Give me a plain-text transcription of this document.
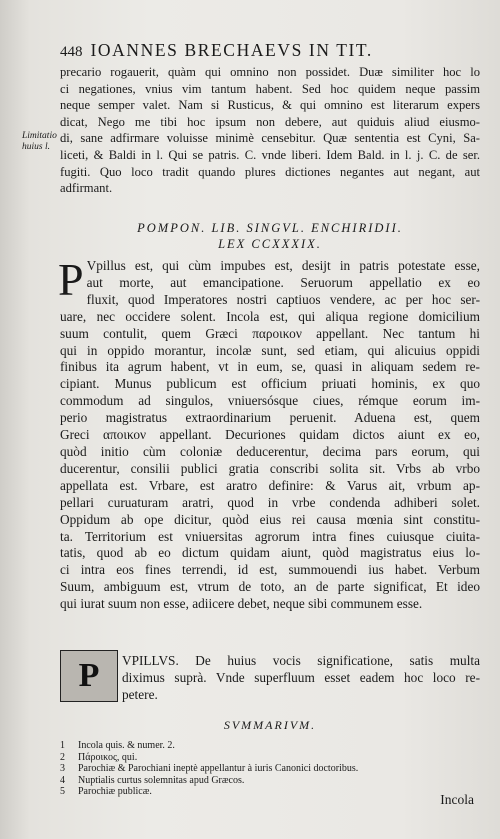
448 IOANNES BRECHAEVS IN TIT.
Limitatio
huius l.
precario rogauerit, quàm qui omnino non possidet. Duæ similiter hoc lo
ci negationes, vnius vim tantum habent. Sed hoc quidem neque passim
neque semper valet. Nam si Rusticus, & qui omnino est literarum expers
dicat, Nego me tibi hoc ipsum non debere, aut quiduis aliud eiusmo-
di, sane adfirmare voluisse minimè censebitur. Quæ sententia est Cyni, Sa-
liceti, & Baldi in l. Qui se patris. C. vnde liberi. Idem Bald. in l. j. C. de ser.
fugiti. Quo loco tradit quando plures dictiones negantes aut negant, aut
adfirmant.
POMPON. LIB. SINGVL. ENCHIRIDII.
LEX CCXXXIX.
P Vpillus est, qui cùm impubes est, desijt in patris potestate esse,
aut morte, aut emancipatione. Seruorum appellatio ex eo
fluxit, quod Imperatores nostri captiuos vendere, ac per hoc ser-
uare, nec occidere solent. Incola est, qui aliqua regione domicilium
suum contulit, quem Græci παροικον appellant. Nec tantum hi
qui in oppido morantur, incolæ sunt, sed etiam, qui alicuius oppidi
finibus ita agrum habent, vt in eum, se, quasi in aliquam sedem re-
cipiant. Munus publicum est officium priuati hominis, ex quo
commodum ad singulos, vniuersósque ciues, rémque eorum im-
perio magistratus extraordinarium peruenit. Aduena est, quem
Greci αποικον appellant. Decuriones quidam dictos aiunt ex eo,
quòd initio cùm coloniæ deducerentur, decima pars eorum, qui
ducerentur, consilii publici gratia conscribi solita sit. Vrbs ab vrbo
appellata est. Vrbare, est aratro definire: & Varus ait, vrbum ap-
pellari curuaturam aratri, quod in vrbe condenda adhiberi solet.
Oppidum ab ope dicitur, quòd eius rei causa mœnia sint constitu-
ta. Territorium est vniuersitas agrorum intra fines cuiusque ciuita-
tatis, quod ab eo dictum quidam aiunt, quòd magistratus eius lo-
ci intra eos fines terrendi, id est, summouendi ius habet. Verbum
Suum, ambiguum est, vtrum de toto, an de parte significat, Et ideo
qui iurat suum non esse, adiicere debet, neque sibi communem esse.
P	VPILLVS. De huius vocis significatione, satis multa
diximus suprà. Vnde superfluum esset eadem hoc loco re-
petere.
SVMMARIVM.
1	Incola quis. & numer. 2.
2	Πάροικος, qui.
3	Parochiæ & Parochiani ineptè appellantur à iuris Canonici doctoribus.
4	Nuptialis curtus solemnitas apud Græcos.
5	Parochiæ publicæ.
Incola
